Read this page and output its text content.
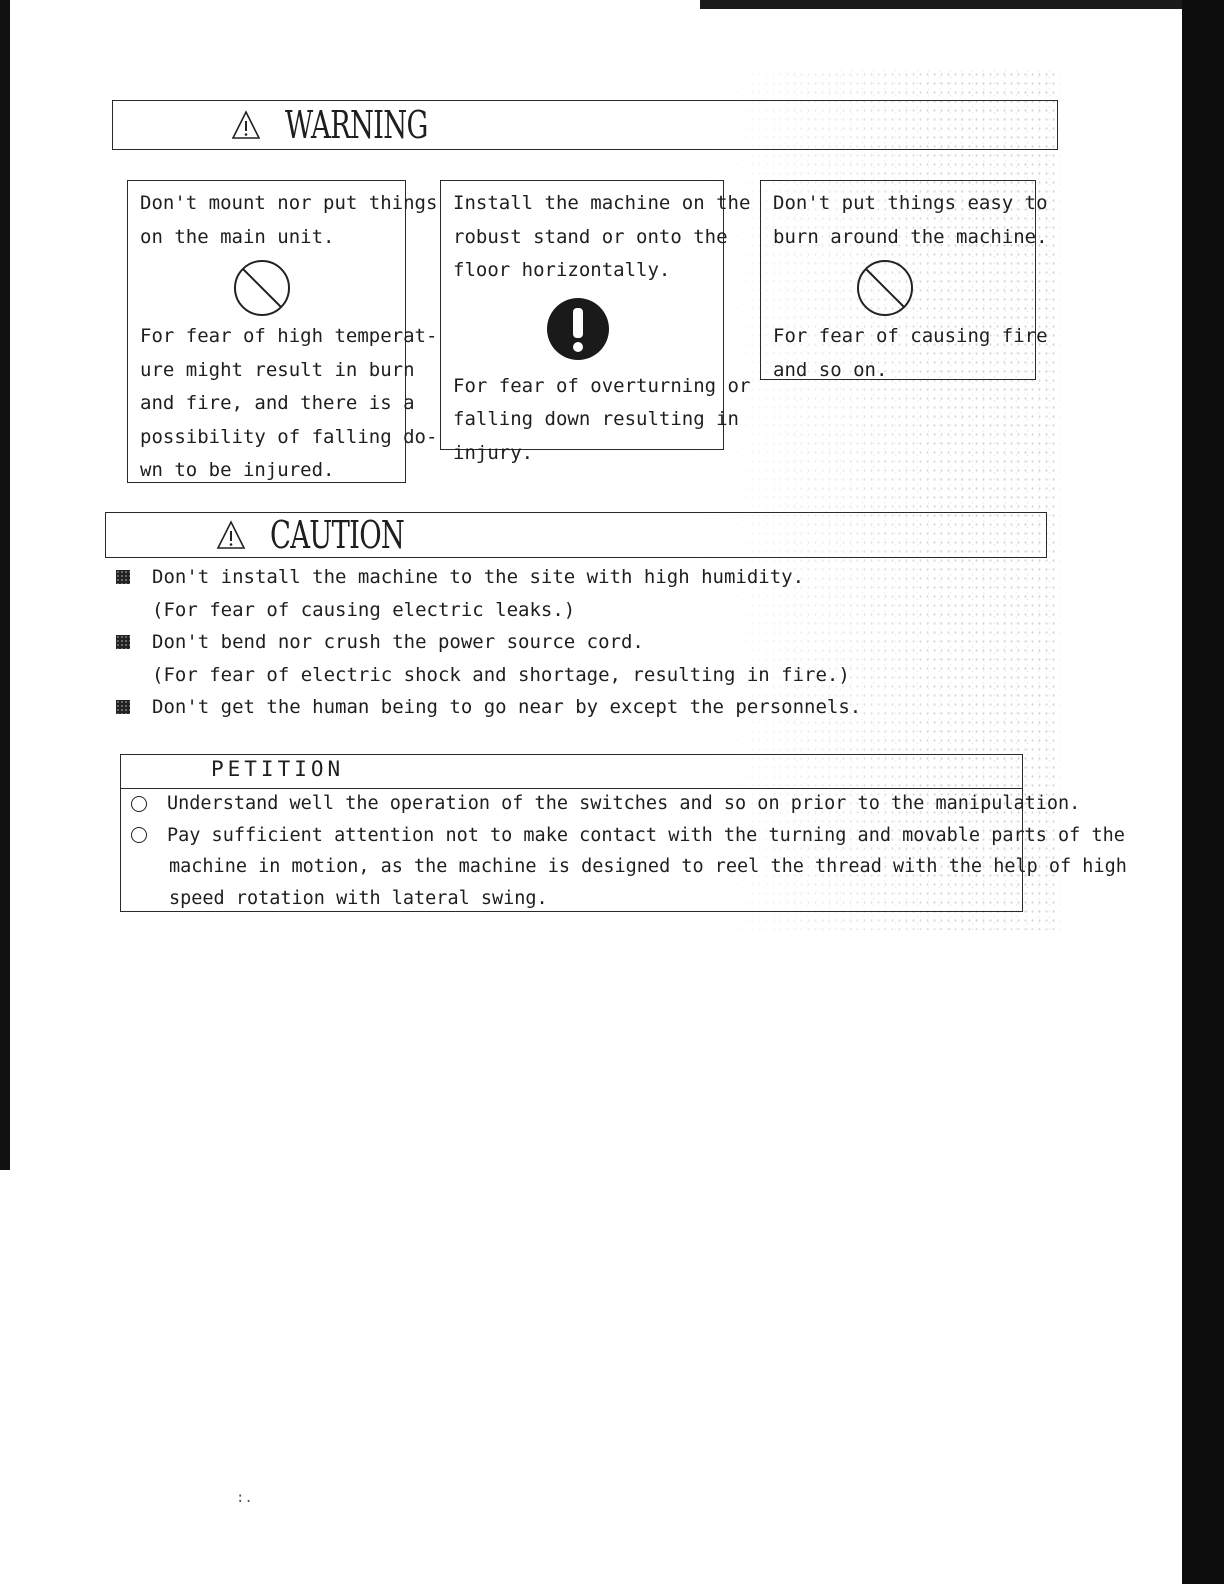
WARNING
Don't mount nor put things
on the main unit.
For fear of high temperat-
ure might result in burn
and fire, and there is a
possibility of falling do-
wn to be injured.
Install the machine on the
robust stand or onto the
floor horizontally.
For fear of overturning or
falling down resulting in
injury.
Don't put things easy to
burn around the machine.
For fear of causing fire
and so on.
CAUTION
Don't install the machine to the site with high humidity.
(For fear of causing electric leaks.)
Don't bend nor crush the power source cord.
(For fear of electric shock and shortage, resulting in fire.)
Don't get the human being to go near by except the personnels.
PETITION
Understand well the operation of the switches and so on prior to the manipulation.
Pay sufficient attention not to make contact with the turning and movable parts of the
machine in motion, as the machine is designed to reel the thread with the help of high
speed rotation with lateral swing.
:.
